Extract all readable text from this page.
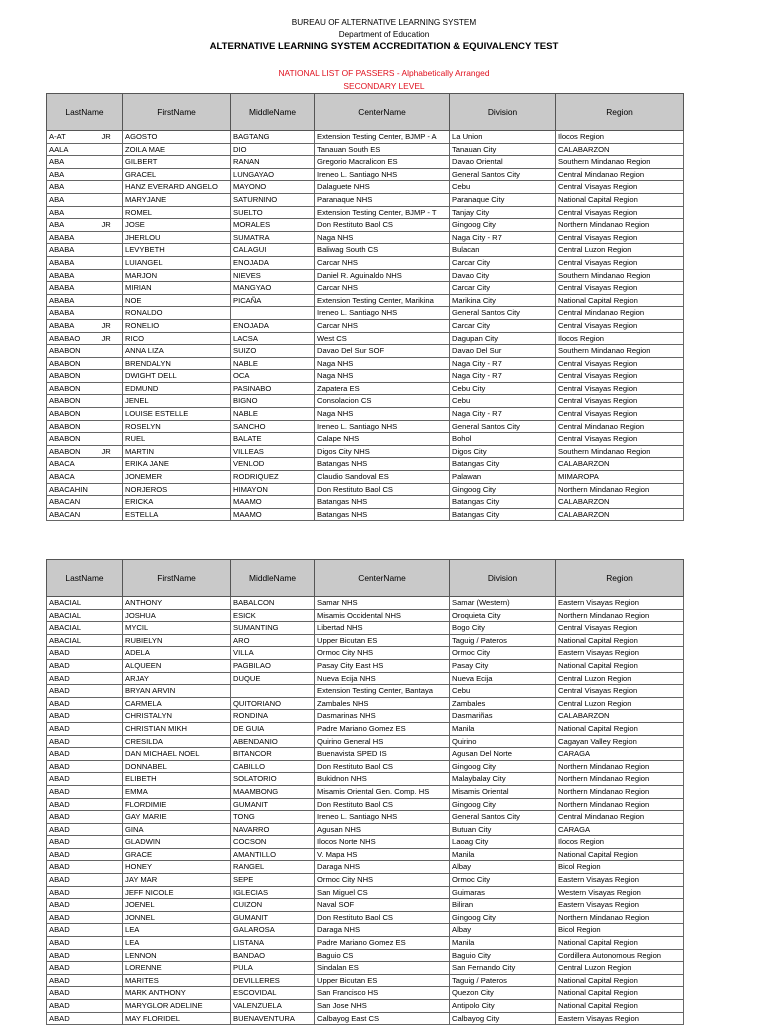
BUREAU OF ALTERNATIVE LEARNING SYSTEM
Department of Education
ALTERNATIVE LEARNING SYSTEM ACCREDITATION & EQUIVALENCY TEST
NATIONAL LIST OF PASSERS - Alphabetically Arranged
SECONDARY LEVEL
LastName		FirstName	MiddleName	CenterName	Division	Region
A-AT	JR	AGOSTO	BAGTANG	Extension Testing Center, BJMP - A	La Union	Ilocos Region
AALA		ZOILA MAE	DIO	Tanauan South ES	Tanauan City	CALABARZON
ABA		GILBERT	RANAN	Gregorio Macralicon ES	Davao Oriental	Southern Mindanao Region
ABA		GRACEL	LUNGAYAO	Ireneo L. Santiago NHS	General Santos City	Central Mindanao Region
ABA		HANZ EVERARD ANGELO	MAYONO	Dalaguete NHS	Cebu	Central Visayas Region
ABA		MARYJANE	SATURNINO	Paranaque NHS	Paranaque City	National Capital Region
ABA		ROMEL	SUELTO	Extension Testing Center, BJMP - T	Tanjay City	Central Visayas Region
ABA	JR	JOSE	MORALES	Don Restituto Baol CS	Gingoog City	Northern Mindanao Region
ABABA		JHERLOU	SUMATRA	Naga NHS	Naga City - R7	Central Visayas Region
ABABA		LEVYBETH	CALAGUI	Baliwag South CS	Bulacan	Central Luzon Region
ABABA		LUIANGEL	ENOJADA	Carcar NHS	Carcar City	Central Visayas Region
ABABA		MARJON	NIEVES	Daniel R. Aguinaldo NHS	Davao City	Southern Mindanao Region
ABABA		MIRIAN	MANGYAO	Carcar NHS	Carcar City	Central Visayas Region
ABABA		NOE	PICAÑA	Extension Testing Center, Marikina	Marikina City	National Capital Region
ABABA		RONALDO		Ireneo L. Santiago NHS	General Santos City	Central Mindanao Region
ABABA	JR	RONELIO	ENOJADA	Carcar NHS	Carcar City	Central Visayas Region
ABABAO	JR	RICO	LACSA	West CS	Dagupan City	Ilocos Region
ABABON		ANNA LIZA	SUIZO	Davao Del Sur SOF	Davao Del Sur	Southern Mindanao Region
ABABON		BRENDALYN	NABLE	Naga NHS	Naga City - R7	Central Visayas Region
ABABON		DWIGHT DELL	OCA	Naga NHS	Naga City - R7	Central Visayas Region
ABABON		EDMUND	PASINABO	Zapatera ES	Cebu City	Central Visayas Region
ABABON		JENEL	BIGNO	Consolacion CS	Cebu	Central Visayas Region
ABABON		LOUISE ESTELLE	NABLE	Naga NHS	Naga City - R7	Central Visayas Region
ABABON		ROSELYN	SANCHO	Ireneo L. Santiago NHS	General Santos City	Central Mindanao Region
ABABON		RUEL	BALATE	Calape NHS	Bohol	Central Visayas Region
ABABON	JR	MARTIN	VILLEAS	Digos City NHS	Digos City	Southern Mindanao Region
ABACA		ERIKA JANE	VENLOD	Batangas NHS	Batangas City	CALABARZON
ABACA		JONEMER	RODRIQUEZ	Claudio Sandoval ES	Palawan	MIMAROPA
ABACAHIN		NORJEROS	HIMAYON	Don Restituto Baol CS	Gingoog City	Northern Mindanao Region
ABACAN		ERICKA	MAAMO	Batangas NHS	Batangas City	CALABARZON
ABACAN		ESTELLA	MAAMO	Batangas NHS	Batangas City	CALABARZON
LastName		FirstName	MiddleName	CenterName	Division	Region
ABACIAL		ANTHONY	BABALCON	Samar NHS	Samar (Western)	Eastern Visayas Region
ABACIAL		JOSHUA	ESICK	Misamis Occidental NHS	Oroquieta City	Northern Mindanao Region
ABACIAL		MYCIL	SUMANTING	Libertad NHS	Bogo City	Central Visayas Region
ABACIAL		RUBIELYN	ARO	Upper Bicutan ES	Taguig / Pateros	National Capital Region
ABAD		ADELA	VILLA	Ormoc City NHS	Ormoc City	Eastern Visayas Region
ABAD		ALQUEEN	PAGBILAO	Pasay City East HS	Pasay City	National Capital Region
ABAD		ARJAY	DUQUE	Nueva Ecija NHS	Nueva Ecija	Central Luzon Region
ABAD		BRYAN ARVIN		Extension Testing Center, Bantaya	Cebu	Central Visayas Region
ABAD		CARMELA	QUITORIANO	Zambales NHS	Zambales	Central Luzon Region
ABAD		CHRISTALYN	RONDINA	Dasmarinas NHS	Dasmariñas	CALABARZON
ABAD		CHRISTIAN MIKH	DE GUIA	Padre Mariano Gomez ES	Manila	National Capital Region
ABAD		CRESILDA	ABENDANIO	Quirino General HS	Quirino	Cagayan Valley Region
ABAD		DAN MICHAEL NOEL	BITANCOR	Buenavista SPED IS	Agusan Del Norte	CARAGA
ABAD		DONNABEL	CABILLO	Don Restituto Baol CS	Gingoog City	Northern Mindanao Region
ABAD		ELIBETH	SOLATORIO	Bukidnon NHS	Malaybalay City	Northern Mindanao Region
ABAD		EMMA	MAAMBONG	Misamis Oriental Gen. Comp. HS	Misamis Oriental	Northern Mindanao Region
ABAD		FLORDIMIE	GUMANIT	Don Restituto Baol CS	Gingoog City	Northern Mindanao Region
ABAD		GAY MARIE	TONG	Ireneo L. Santiago NHS	General Santos City	Central Mindanao Region
ABAD		GINA	NAVARRO	Agusan NHS	Butuan City	CARAGA
ABAD		GLADWIN	COCSON	Ilocos Norte NHS	Laoag City	Ilocos Region
ABAD		GRACE	AMANTILLO	V. Mapa HS	Manila	National Capital Region
ABAD		HONEY	RANGEL	Daraga NHS	Albay	Bicol Region
ABAD		JAY MAR	SEPE	Ormoc City NHS	Ormoc City	Eastern Visayas Region
ABAD		JEFF NICOLE	IGLECIAS	San Miguel CS	Guimaras	Western Visayas Region
ABAD		JOENEL	CUIZON	Naval SOF	Biliran	Eastern Visayas Region
ABAD		JONNEL	GUMANIT	Don Restituto Baol CS	Gingoog City	Northern Mindanao Region
ABAD		LEA	GALAROSA	Daraga NHS	Albay	Bicol Region
ABAD		LEA	LISTANA	Padre Mariano Gomez ES	Manila	National Capital Region
ABAD		LENNON	BANDAO	Baguio CS	Baguio City	Cordillera Autonomous Region
ABAD		LORENNE	PULA	Sindalan ES	San Fernando City	Central Luzon Region
ABAD		MARITES	DEVILLERES	Upper Bicutan ES	Taguig / Pateros	National Capital Region
ABAD		MARK ANTHONY	ESCOVIDAL	San Francisco HS	Quezon City	National Capital Region
ABAD		MARYGLOR ADELINE	VALENZUELA	San Jose NHS	Antipolo City	National Capital Region
ABAD		MAY FLORIDEL	BUENAVENTURA	Calbayog East CS	Calbayog City	Eastern Visayas Region
